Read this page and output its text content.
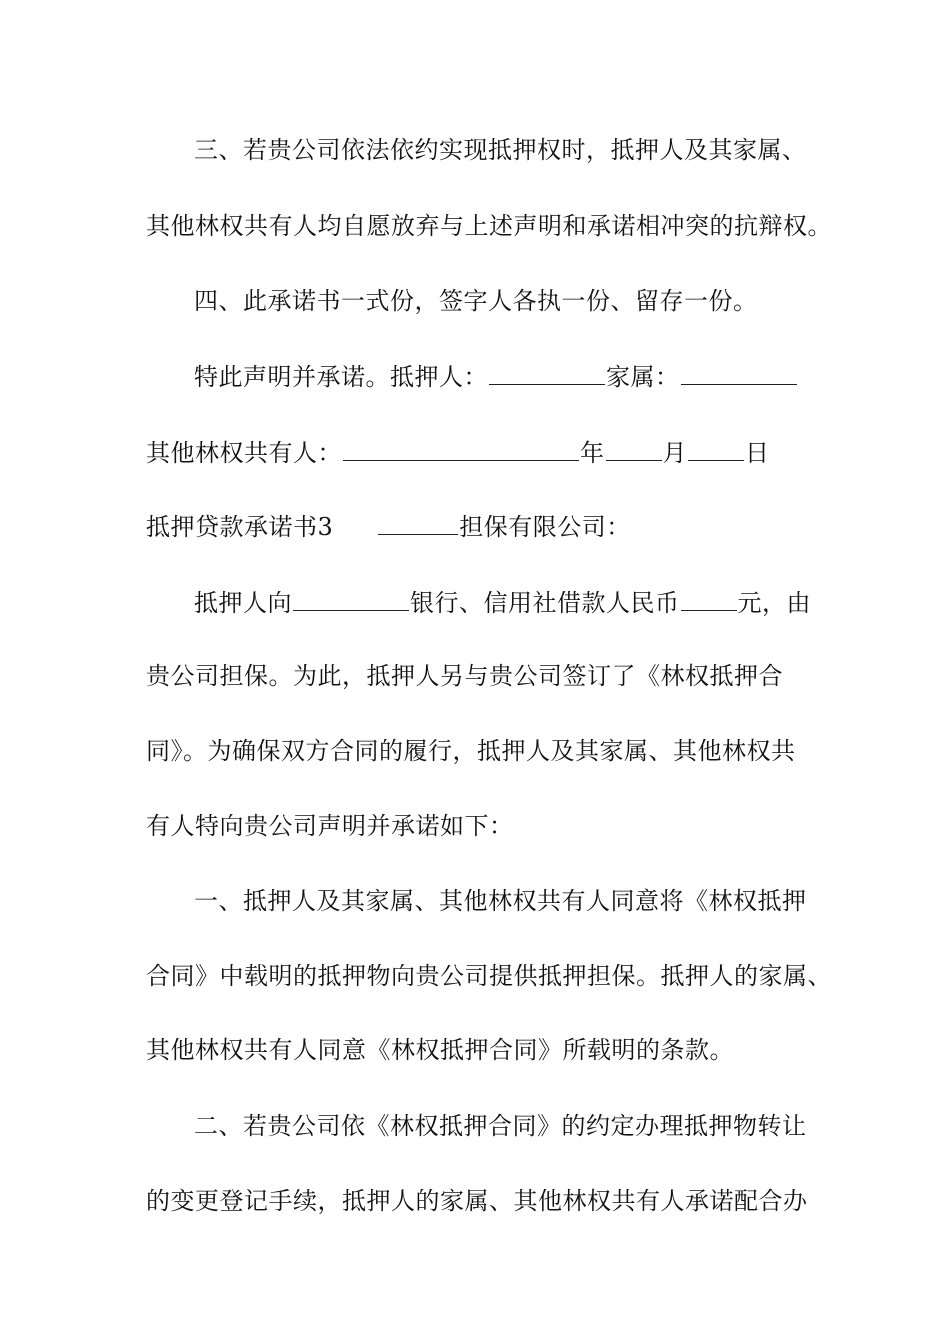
三、若贵公司依法依约实现抵押权时，抵押人及其家属、
其他林权共有人均自愿放弃与上述声明和承诺相冲突的抗辩权。
四、此承诺书一式份，签字人各执一份、留存一份。
特此声明并承诺。抵押人：	家属：
其他林权共有人：	年 月 日
抵押贷款承诺书3	担保有限公司：
抵押人向	银行、信用社借款人民币 元，由
贵公司担保。为此，抵押人另与贵公司签订了《林权抵押合
同》。为确保双方合同的履行，抵押人及其家属、其他林权共
有人特向贵公司声明并承诺如下：
一、抵押人及其家属、其他林权共有人同意将《林权抵押
合同》中载明的抵押物向贵公司提供抵押担保。抵押人的家属、
其他林权共有人同意《林权抵押合同》所载明的条款。
二、若贵公司依《林权抵押合同》的约定办理抵押物转让
的变更登记手续，抵押人的家属、其他林权共有人承诺配合办
